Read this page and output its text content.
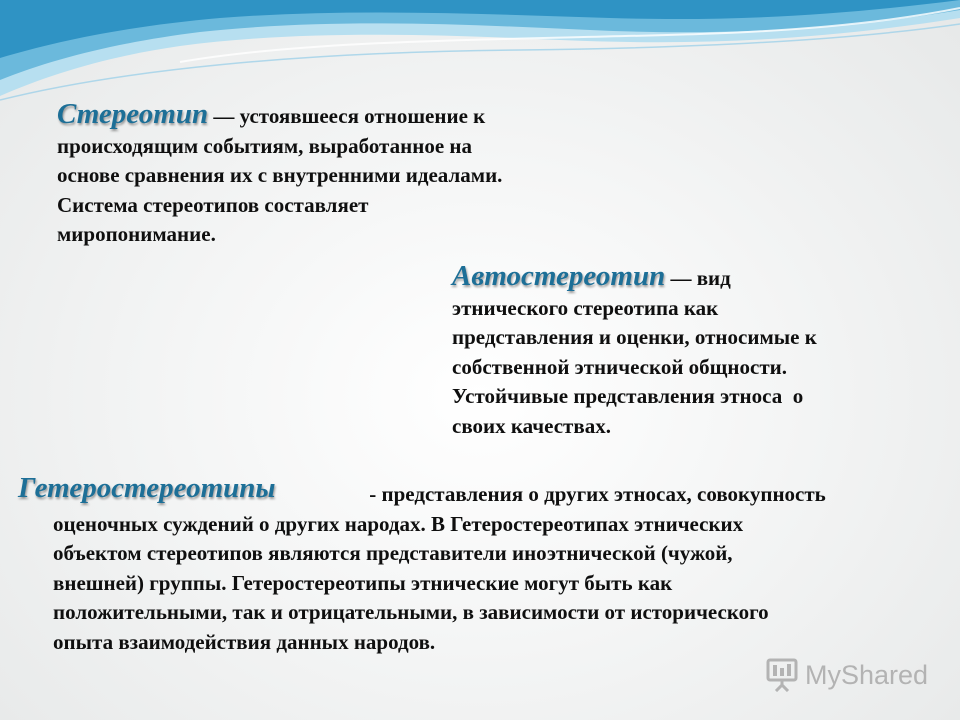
Стереотип — устоявшееся отношение к
происходящим событиям, выработанное на
основе сравнения их с внутренними идеалами.
Система стереотипов составляет
миропонимание.
Автостереотип — вид
этнического стереотипа как
представления и оценки, относимые к
собственной этнической общности.
Устойчивые представления этноса  о
своих качествах.
Гетеростереотипы	- представления о других этносах, совокупность
оценочных суждений о других народах. В Гетеростереотипах этнических
объектом стереотипов являются представители иноэтнической (чужой,
внешней) группы. Гетеростереотипы этнические могут быть как
положительными, так и отрицательными, в зависимости от исторического
опыта взаимодействия данных народов.
MyShared
